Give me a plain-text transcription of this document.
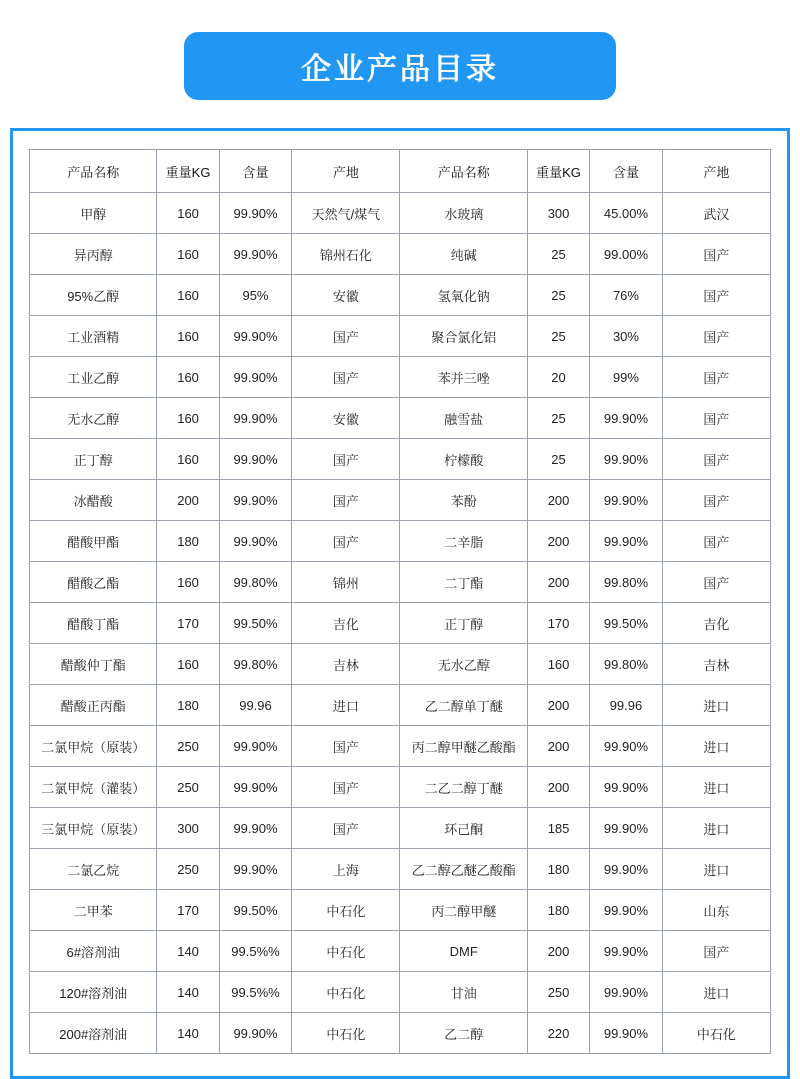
企业产品目录
产品名称	重量KG	含量	产地	产品名称	重量KG	含量	产地
甲醇	160	99.90%	天然气/煤气	水玻璃	300	45.00%	武汉
异丙醇	160	99.90%	锦州石化	纯碱	25	99.00%	国产
95%乙醇	160	95%	安徽	氢氧化钠	25	76%	国产
工业酒精	160	99.90%	国产	聚合氯化铝	25	30%	国产
工业乙醇	160	99.90%	国产	苯并三唑	20	99%	国产
无水乙醇	160	99.90%	安徽	融雪盐	25	99.90%	国产
正丁醇	160	99.90%	国产	柠檬酸	25	99.90%	国产
冰醋酸	200	99.90%	国产	苯酚	200	99.90%	国产
醋酸甲酯	180	99.90%	国产	二辛脂	200	99.90%	国产
醋酸乙酯	160	99.80%	锦州	二丁酯	200	99.80%	国产
醋酸丁酯	170	99.50%	吉化	正丁醇	170	99.50%	吉化
醋酸仲丁酯	160	99.80%	吉林	无水乙醇	160	99.80%	吉林
醋酸正丙酯	180	99.96	进口	乙二醇单丁醚	200	99.96	进口
二氯甲烷（原装）	250	99.90%	国产	丙二醇甲醚乙酸酯	200	99.90%	进口
二氯甲烷（灌装）	250	99.90%	国产	二乙二醇丁醚	200	99.90%	进口
三氯甲烷（原装）	300	99.90%	国产	环己酮	185	99.90%	进口
二氯乙烷	250	99.90%	上海	乙二醇乙醚乙酸酯	180	99.90%	进口
二甲苯	170	99.50%	中石化	丙二醇甲醚	180	99.90%	山东
6#溶剂油	140	99.5%%	中石化	DMF	200	99.90%	国产
120#溶剂油	140	99.5%%	中石化	甘油	250	99.90%	进口
200#溶剂油	140	99.90%	中石化	乙二醇	220	99.90%	中石化
